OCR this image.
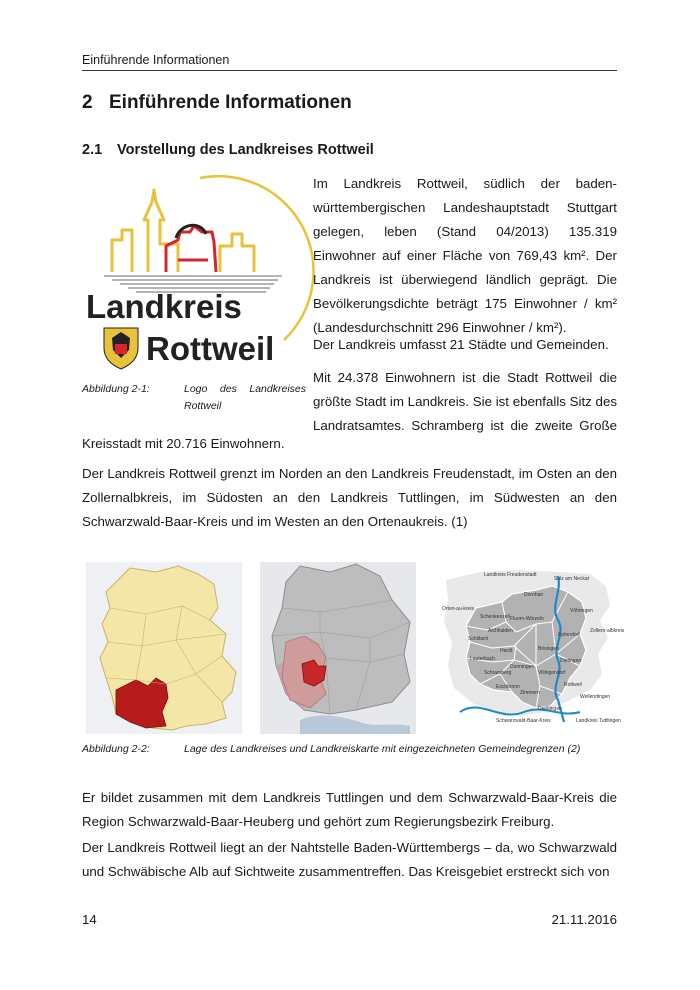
Einführende Informationen
2 Einführende Informationen
2.1 Vorstellung des Landkreises Rottweil
Landkreis
Rottweil
Im Landkreis Rottweil, südlich der baden-württembergischen Landeshauptstadt Stuttgart gelegen, leben (Stand 04/2013) 135.319 Einwohner auf einer Fläche von 769,43 km². Der Landkreis ist überwiegend ländlich geprägt. Die Bevölkerungsdichte beträgt 175 Einwohner / km² (Landesdurchschnitt 296 Einwohner / km²).
Der Landkreis umfasst 21 Städte und Gemeinden.
Mit 24.378 Einwohnern ist die Stadt Rottweil die größte Stadt im Landkreis. Sie ist ebenfalls Sitz des Landratsamtes. Schramberg ist die zweite Große
Kreisstadt mit 20.716 Einwohnern.
Abbildung 2-1:	Logo des Landkreises
Rottweil
Der Landkreis Rottweil grenzt im Norden an den Landkreis Freudenstadt, im Osten an den Zollernalbkreis, im Südosten an den Landkreis Tuttlingen, im Südwesten an den Schwarzwald-Baar-Kreis und im Westen an den Ortenaukreis. (1)
Landkreis Freudenstadt
Sulz am Neckar
Dornhan
Vöhringen
Zollern-albkreis
Orten-au-kreis
Schenkenzell
Aichhalden
Fluorn-Winzeln
Epfendorf
Schiltach
Lauterbach
Hardt	Bösingen
Schramberg
Dunningen
Dietingen
Villingendorf
Eschbronn
Zimmern
Rottweil
Wellendingen
Deißlingen
Landkreis Tuttlingen
Schwarzwald-Baar-Kreis
Abbildung 2-2:	Lage des Landkreises und Landkreiskarte mit eingezeichneten Gemeindegrenzen (2)
Er bildet zusammen mit dem Landkreis Tuttlingen und dem Schwarzwald-Baar-Kreis die Region Schwarzwald-Baar-Heuberg und gehört zum Regierungsbezirk Freiburg.
Der Landkreis Rottweil liegt an der Nahtstelle Baden-Württembergs – da, wo Schwarzwald und Schwäbische Alb auf Sichtweite zusammentreffen. Das Kreisgebiet erstreckt sich von
14	21.11.2016
